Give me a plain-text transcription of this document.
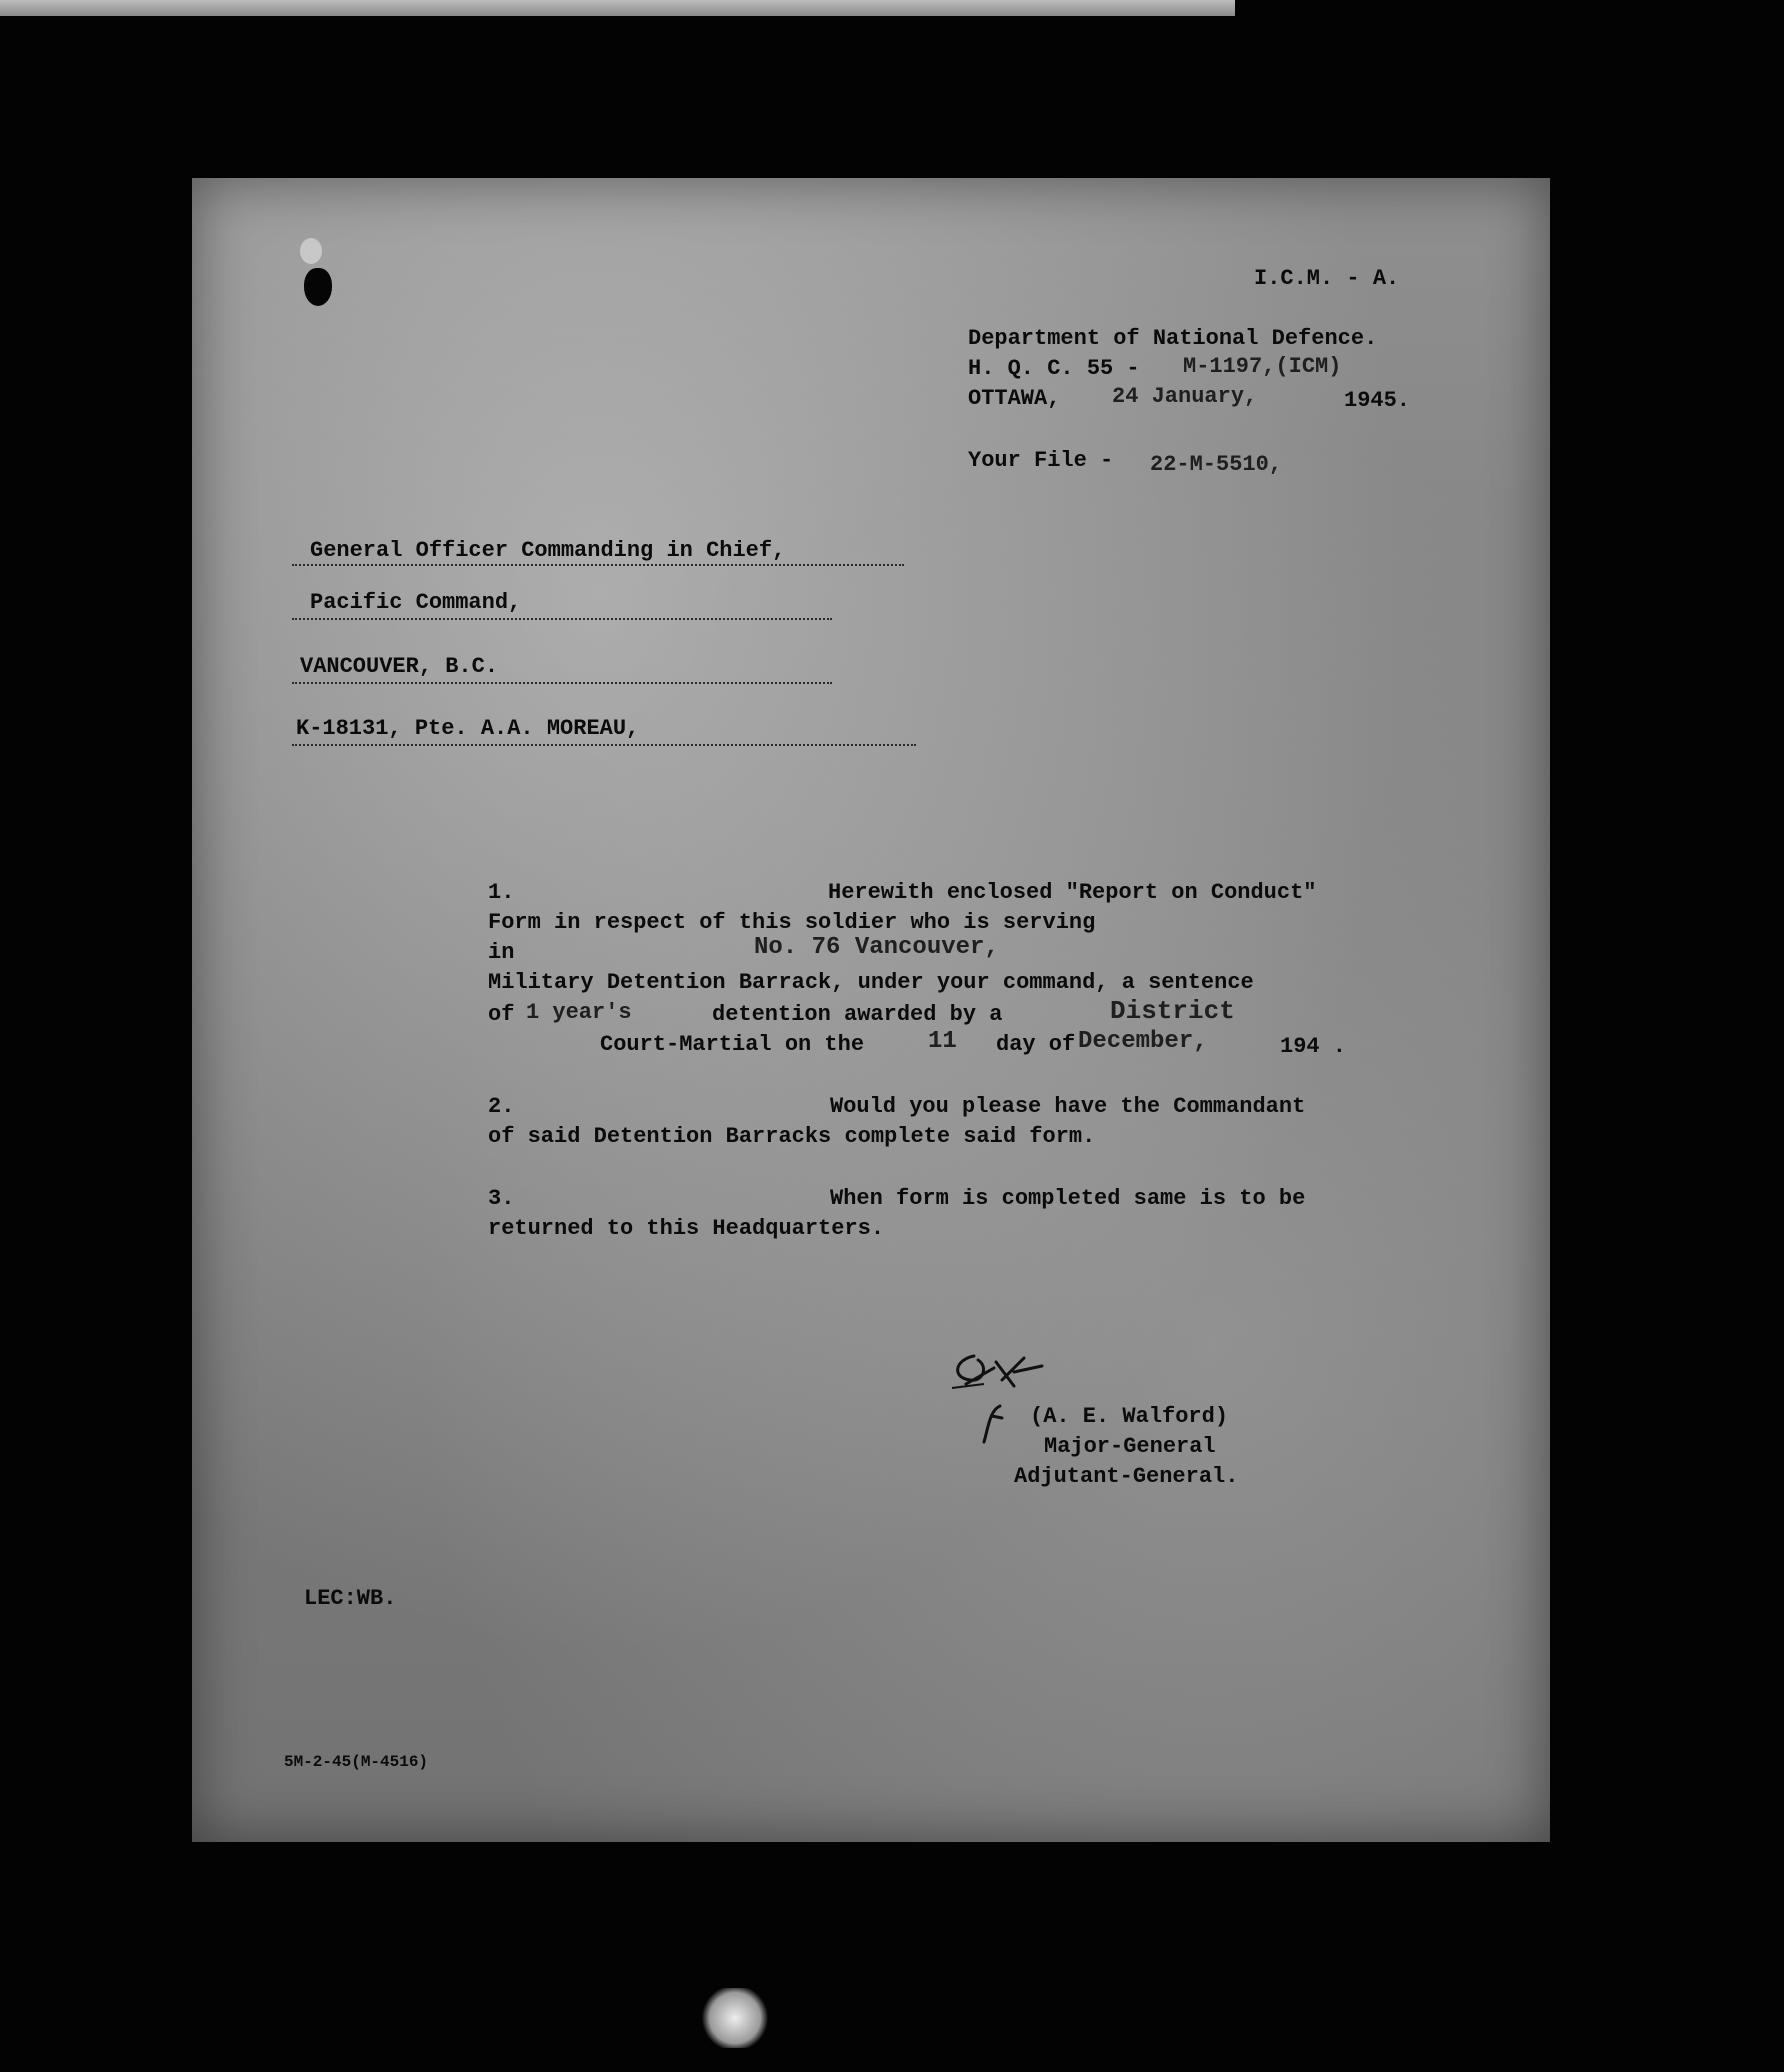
I.C.M. - A.
Department of National Defence.
H. Q. C. 55 - M-1197,(ICM)
OTTAWA, 24 January,	1945.
Your File - 22-M-5510,
General Officer Commanding in Chief,
Pacific Command,
VANCOUVER, B.C.
K-18131, Pte. A.A. MOREAU,
1.	Herewith enclosed "Report on Conduct"
Form in respect of this soldier who is serving
in	No. 76 Vancouver,
Military Detention Barrack, under your command, a sentence
of 1 year's	detention awarded by a	District
Court-Martial on the	11 day of December,	194 .
2.	Would you please have the Commandant
of said Detention Barracks complete said form.
3.	When form is completed same is to be
returned to this Headquarters.
(A. E. Walford)
Major-General
Adjutant-General.
LEC:WB.
5M-2-45(M-4516)
